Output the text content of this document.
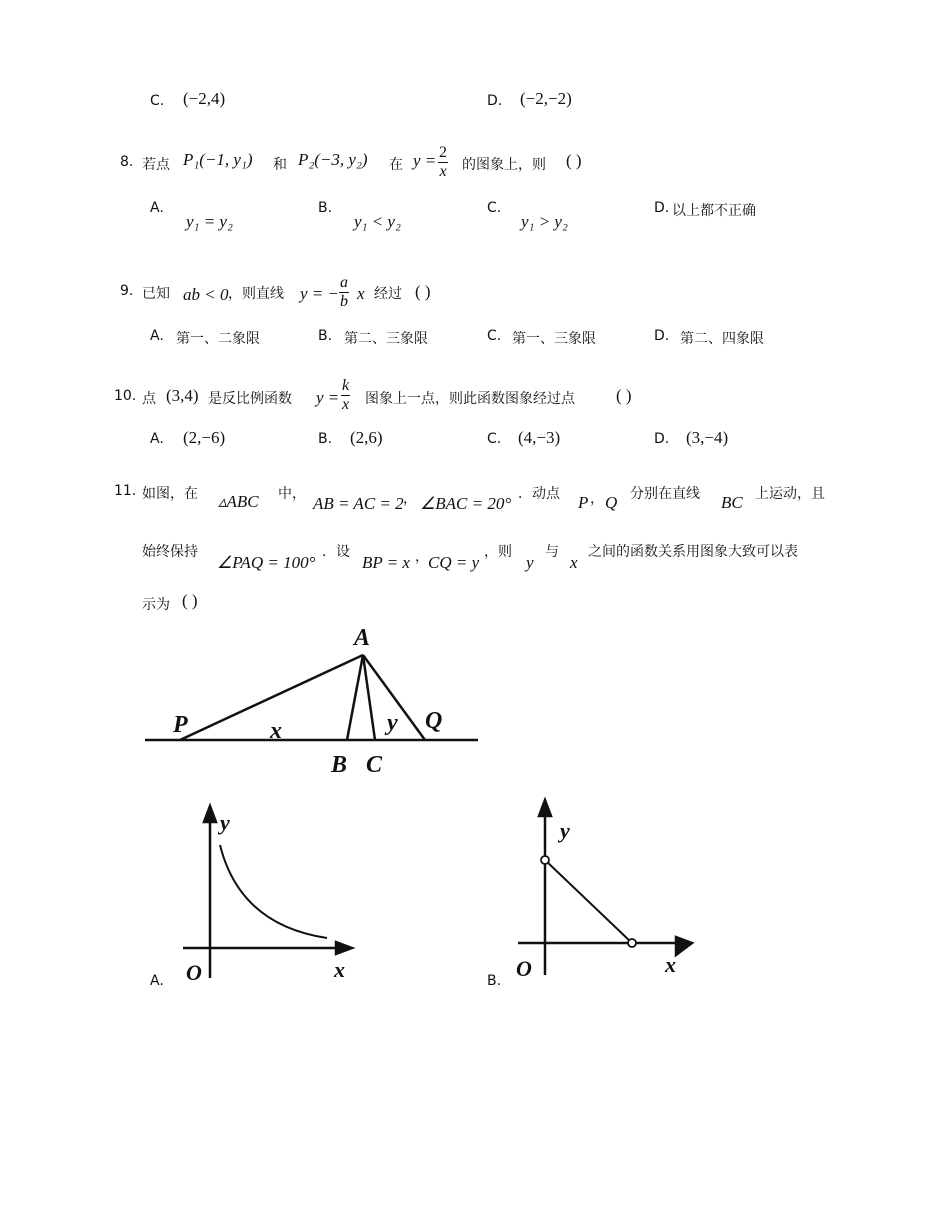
C. (−2,4)	D. (−2,−2)
8. 若点 P₁(−1, y₁) 和 P₂(−3, y₂) 在 $y = \frac{2}{x}$ 的图象上，则 ( )
A.
y₁ = y₂
B.
y₁ < y₂
C.
y₁ > y₂
D. 以上都不正确
9. 已知 ab < 0 ，则直线 y = − $\frac{a}{b}$ x 经过 ( )
A. 第一、二象限	B. 第二、三象限	C. 第一、三象限	D. 第二、四象限
10. 点 (3,4) 是反比例函数 $y = \frac{k}{x}$ 图象上一点，则此函数图象经过点 ( )
A. (2,−6)	B. (2,6)	C. (4,−3)	D. (3,−4)
11. 如图，在 ▵ABC 中， AB = AC = 2 ， ∠BAC = 20° ．动点 P ， Q 分别在直线 BC 上运动，且
始终保持
∠PAQ = 100°
．设
BP = x ， CQ = y
，则
y
与
x
之间的函数关系用图象大致可以表
示为 ( )
A
P	x	y Q
B C
y
O	x
y
O	x
A.	B.
